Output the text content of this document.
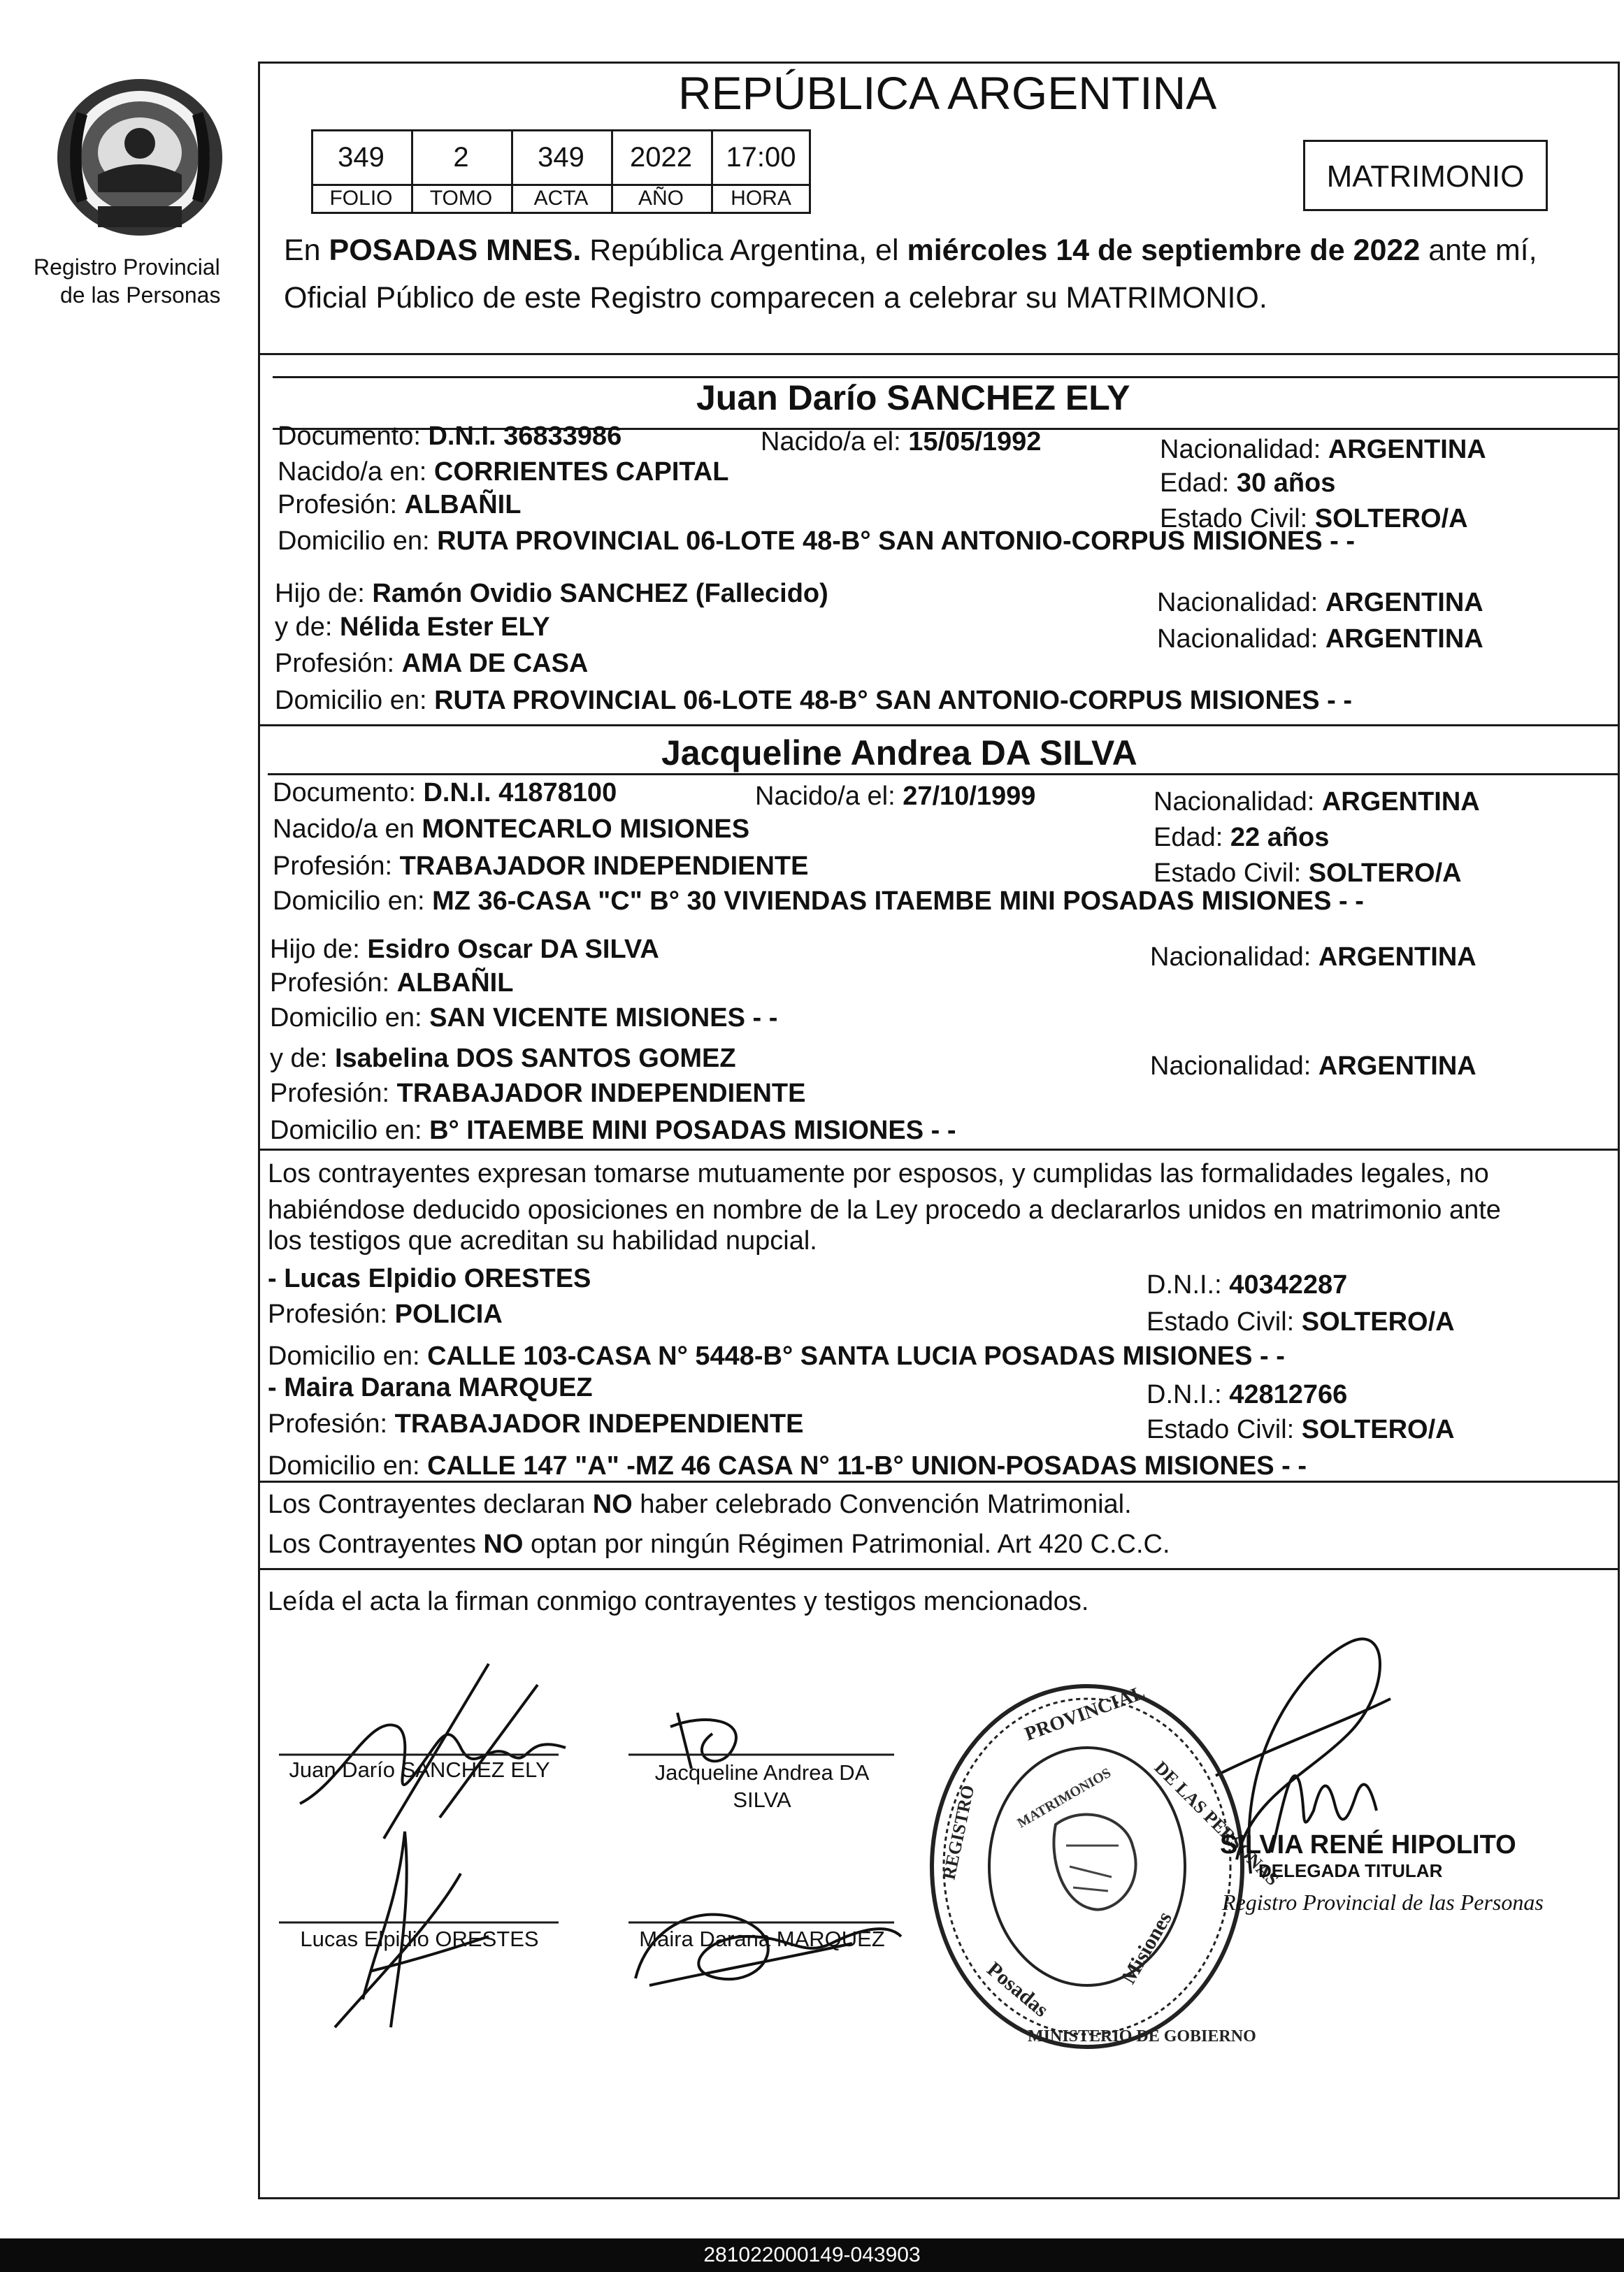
Registro Provincial
de las Personas
REPÚBLICA ARGENTINA
349	2	349	2022	17:00
FOLIO	TOMO	ACTA	AÑO	HORA
MATRIMONIO
En POSADAS MNES. República Argentina, el miércoles 14 de septiembre de 2022 ante mí,
Oficial Público de este Registro comparecen a celebrar su MATRIMONIO.
Juan Darío SANCHEZ ELY
Documento: D.N.I. 36833986	Nacido/a el: 15/05/1992	Nacionalidad: ARGENTINA
Nacido/a en: CORRIENTES CAPITAL	Edad: 30 años
Profesión: ALBAÑIL	Estado Civil: SOLTERO/A
Domicilio en: RUTA PROVINCIAL 06-LOTE 48-B° SAN ANTONIO-CORPUS MISIONES - -
Hijo de: Ramón Ovidio SANCHEZ (Fallecido)	Nacionalidad: ARGENTINA
y de: Nélida Ester ELY	Nacionalidad: ARGENTINA
Profesión: AMA DE CASA
Domicilio en: RUTA PROVINCIAL 06-LOTE 48-B° SAN ANTONIO-CORPUS MISIONES - -
Jacqueline Andrea DA SILVA
Documento: D.N.I. 41878100	Nacido/a el: 27/10/1999	Nacionalidad: ARGENTINA
Nacido/a en MONTECARLO MISIONES	Edad: 22 años
Profesión: TRABAJADOR INDEPENDIENTE	Estado Civil: SOLTERO/A
Domicilio en: MZ 36-CASA "C" B° 30 VIVIENDAS ITAEMBE MINI POSADAS MISIONES - -
Hijo de: Esidro Oscar DA SILVA	Nacionalidad: ARGENTINA
Profesión: ALBAÑIL
Domicilio en: SAN VICENTE MISIONES - -
y de: Isabelina DOS SANTOS GOMEZ	Nacionalidad: ARGENTINA
Profesión: TRABAJADOR INDEPENDIENTE
Domicilio en: B° ITAEMBE MINI POSADAS MISIONES - -
Los contrayentes expresan tomarse mutuamente por esposos, y cumplidas las formalidades legales, no
habiéndose deducido oposiciones en nombre de la Ley procedo a declararlos unidos en matrimonio ante
los testigos que acreditan su habilidad nupcial.
- Lucas Elpidio ORESTES	D.N.I.: 40342287
Profesión: POLICIA	Estado Civil: SOLTERO/A
Domicilio en: CALLE 103-CASA N° 5448-B° SANTA LUCIA POSADAS MISIONES - -
- Maira Darana MARQUEZ	D.N.I.: 42812766
Profesión: TRABAJADOR INDEPENDIENTE	Estado Civil: SOLTERO/A
Domicilio en: CALLE 147 "A" -MZ 46 CASA N° 11-B° UNION-POSADAS MISIONES - -
Los Contrayentes declaran NO haber celebrado Convención Matrimonial.
Los Contrayentes NO optan por ningún Régimen Patrimonial. Art 420 C.C.C.
Leída el acta la firman conmigo contrayentes y testigos mencionados.
Juan Darío SANCHEZ ELY	Jacqueline Andrea DA
SILVA
Lucas Elpidio ORESTES	Maira Darana MARQUEZ
REGISTRO
PROVINCIAL
DE LAS PERSONAS
Posadas
Misiones
MINISTERIO DE GOBIERNO
MATRIMONIOS
SILVIA RENÉ HIPOLITO
DELEGADA TITULAR
Registro Provincial de las Personas
281022000149-043903
